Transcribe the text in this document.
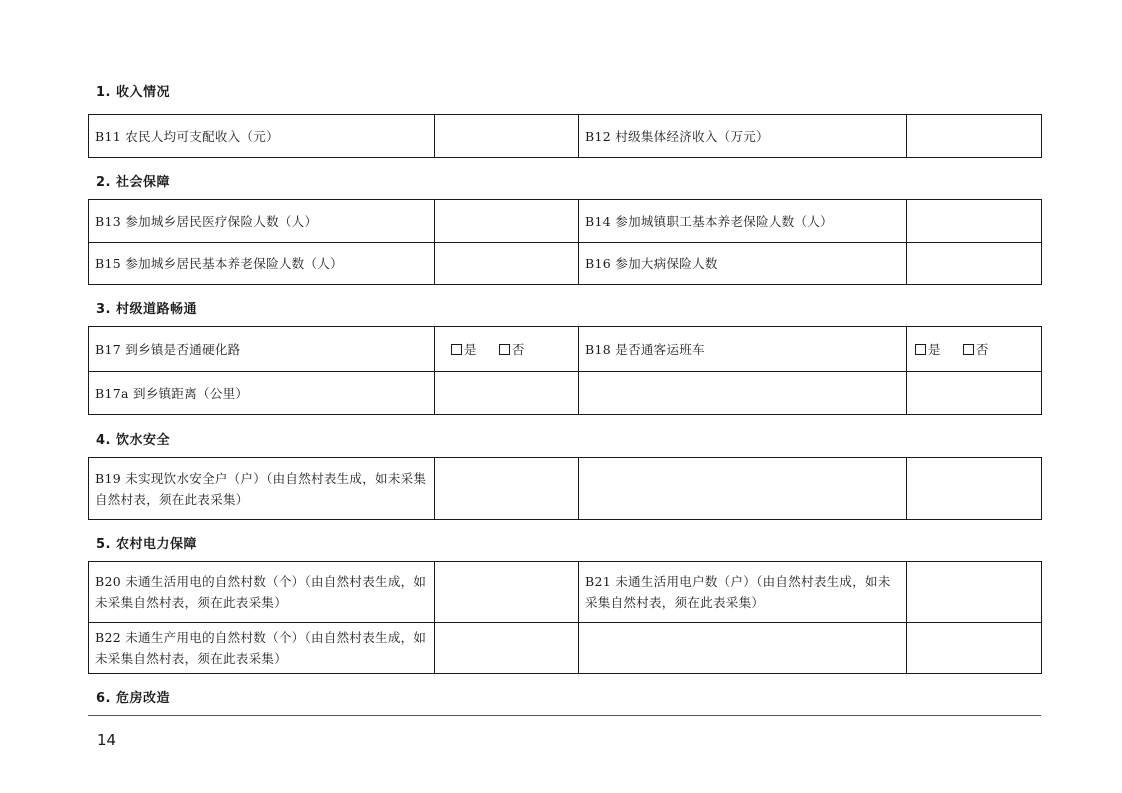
1. 收入情况
B11 农民人均可支配收入（元）		B12 村级集体经济收入（万元）	
2. 社会保障
B13 参加城乡居民医疗保险人数（人）		B14 参加城镇职工基本养老保险人数（人）	
B15 参加城乡居民基本养老保险人数（人）		B16 参加大病保险人数	
3. 村级道路畅通
B17 到乡镇是否通硬化路	是 否	B18 是否通客运班车	是 否
B17a 到乡镇距离（公里）			
4. 饮水安全
B19 未实现饮水安全户（户）（由自然村表生成，如未采集自然村表，须在此表采集）			
5. 农村电力保障
B20 未通生活用电的自然村数（个）（由自然村表生成，如未采集自然村表，须在此表采集）		B21 未通生活用电户数（户）（由自然村表生成，如未采集自然村表，须在此表采集）	
B22 未通生产用电的自然村数（个）（由自然村表生成，如未采集自然村表，须在此表采集）			
6. 危房改造
14
